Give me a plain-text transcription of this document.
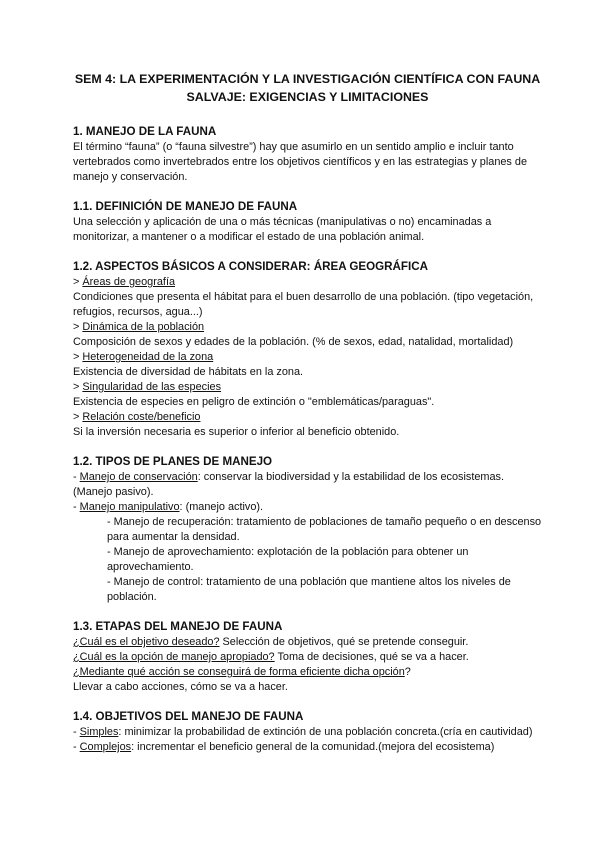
SEM 4: LA EXPERIMENTACIÓN Y LA INVESTIGACIÓN CIENTÍFICA CON FAUNA SALVAJE: EXIGENCIAS Y LIMITACIONES
1. MANEJO DE LA FAUNA

El término “fauna” (o “fauna silvestre”) hay que asumirlo en un sentido amplio e incluir tanto vertebrados como invertebrados entre los objetivos científicos y en las estrategias y planes de manejo y conservación.

1.1. DEFINICIÓN DE MANEJO DE FAUNA

Una selección y aplicación de una o más técnicas (manipulativas o no) encaminadas a monitorizar, a mantener o a modificar el estado de una población animal.

1.2. ASPECTOS BÁSICOS A CONSIDERAR: ÁREA GEOGRÁFICA

> Áreas de geografía

Condiciones que presenta el hábitat para el buen desarrollo de una población. (tipo vegetación, refugios, recursos, agua...)

> Dinámica de la población

Composición de sexos y edades de la población. (% de sexos, edad, natalidad, mortalidad)

> Heterogeneidad de la zona

Existencia de diversidad de hábitats en la zona.

> Singularidad de las especies

Existencia de especies en peligro de extinción o "emblemáticas/paraguas".

> Relación coste/beneficio

Si la inversión necesaria es superior o inferior al beneficio obtenido.

1.2. TIPOS DE PLANES DE MANEJO

- Manejo de conservación: conservar la biodiversidad y la estabilidad de los ecosistemas. (Manejo pasivo).

- Manejo manipulativo: (manejo activo).

- Manejo de recuperación: tratamiento de poblaciones de tamaño pequeño o en descenso para aumentar la densidad.

- Manejo de aprovechamiento: explotación de la población para obtener un aprovechamiento.

- Manejo de control: tratamiento de una población que mantiene altos los niveles de población.

1.3. ETAPAS DEL MANEJO DE FAUNA

¿Cuál es el objetivo deseado? Selección de objetivos, qué se pretende conseguir.

¿Cuál es la opción de manejo apropiado? Toma de decisiones, qué se va a hacer.

¿Mediante qué acción se conseguirá de forma eficiente dicha opción?

Llevar a cabo acciones, cómo se va a hacer.

1.4. OBJETIVOS DEL MANEJO DE FAUNA

- Simples: minimizar la probabilidad de extinción de una población concreta.(cría en cautividad)

- Complejos: incrementar el beneficio general de la comunidad.(mejora del ecosistema)
